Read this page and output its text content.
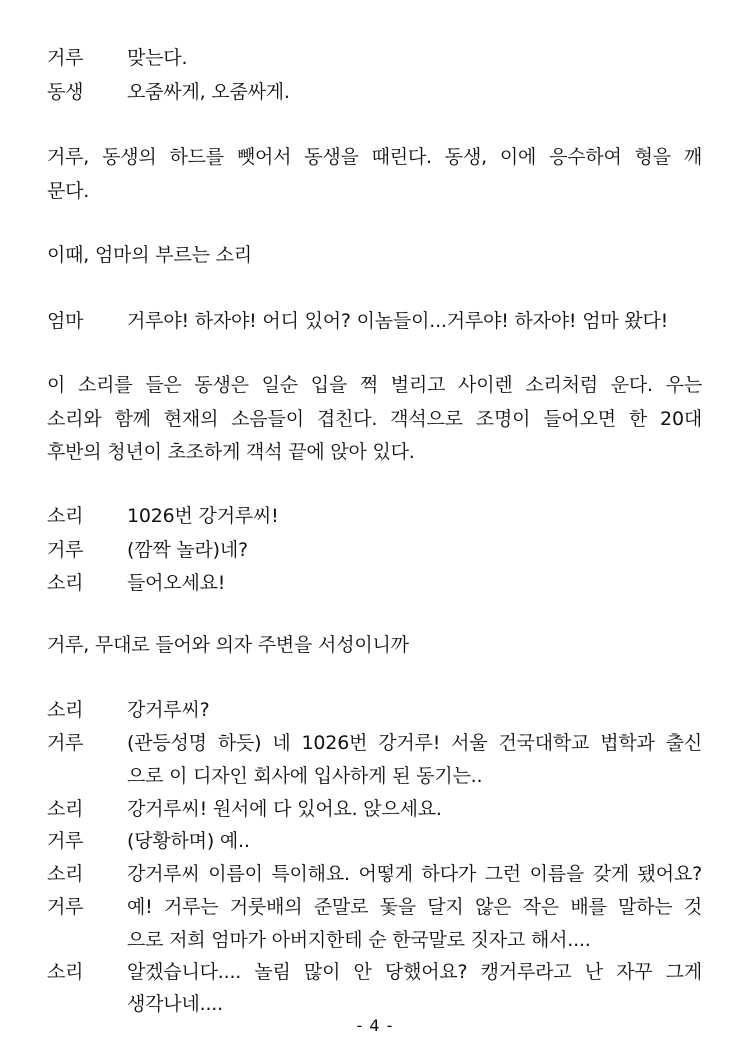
거루 맞는다.
동생 오줌싸게, 오줌싸게.
거루, 동생의 하드를 뺏어서 동생을 때린다. 동생, 이에 응수하여 형을 깨
문다.
이때, 엄마의 부르는 소리
엄마 거루야! 하자야! 어디 있어? 이놈들이...거루야! 하자야! 엄마 왔다!
이 소리를 들은 동생은 일순 입을 쩍 벌리고 사이렌 소리처럼 운다. 우는
소리와 함께 현재의 소음들이 겹친다. 객석으로 조명이 들어오면 한 20대
후반의 청년이 초조하게 객석 끝에 앉아 있다.
소리 1026번 강거루씨!
거루 (깜짝 놀라)네?
소리 들어오세요!
거루, 무대로 들어와 의자 주변을 서성이니까
소리 강거루씨?
거루 (관등성명 하듯) 네 1026번 강거루! 서울 건국대학교 법학과 출신
으로 이 디자인 회사에 입사하게 된 동기는..
소리 강거루씨! 원서에 다 있어요. 앉으세요.
거루 (당황하며) 예..
소리 강거루씨 이름이 특이해요. 어떻게 하다가 그런 이름을 갖게 됐어요?
거루 예! 거루는 거룻배의 준말로 돛을 달지 않은 작은 배를 말하는 것
으로 저희 엄마가 아버지한테 순 한국말로 짓자고 해서....
소리 알겠습니다.... 놀림 많이 안 당했어요? 캥거루라고 난 자꾸 그게
생각나네....
- 4 -
